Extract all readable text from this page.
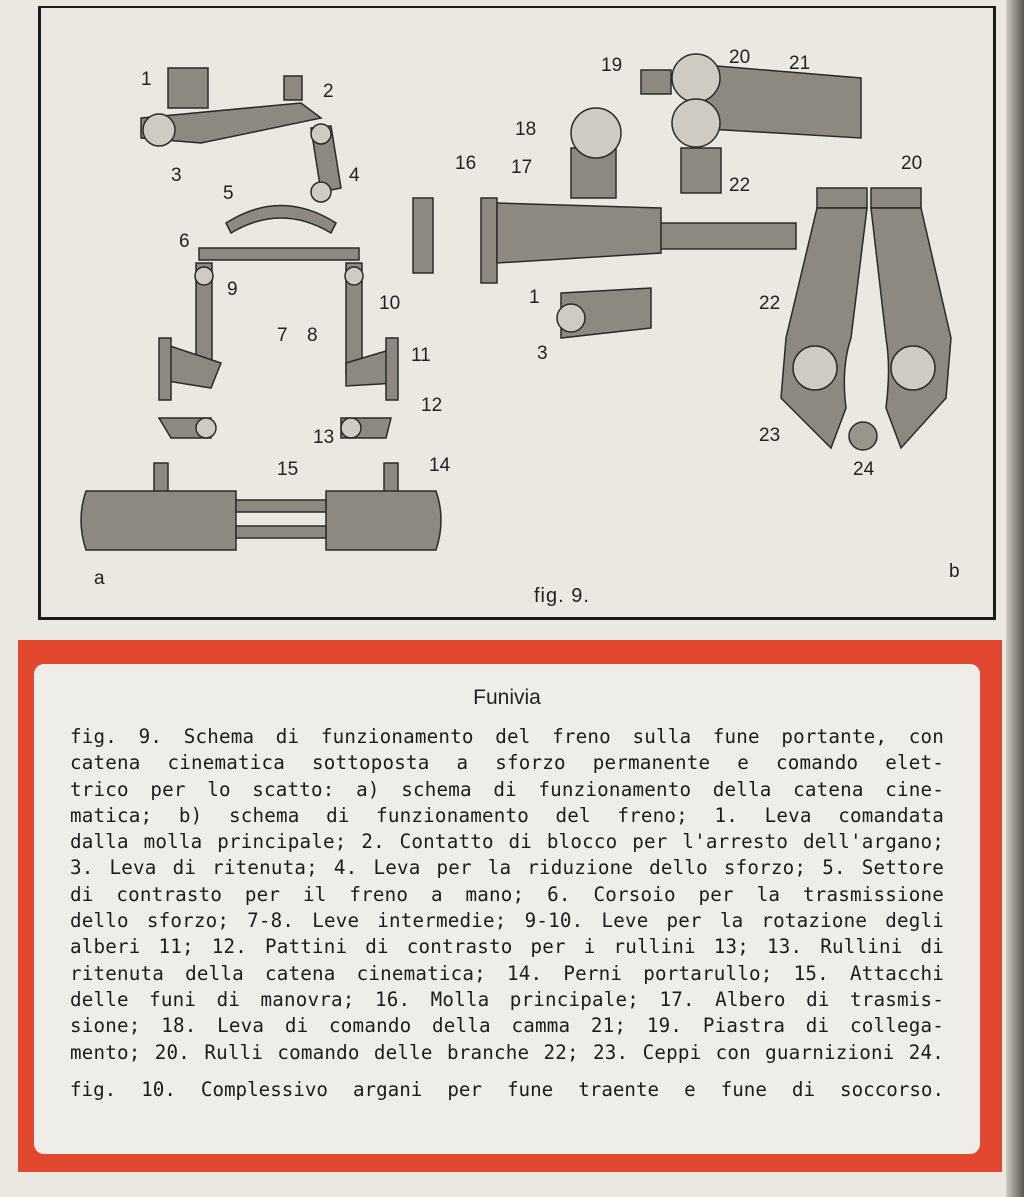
1
2
3	4
5
6
7 8
9
10
11
12
13
14
15
16 17
18
19	20 21
22
1
3
20
22
23
24
a	b
fig. 9.
Funivia
fig. 9. Schema di funzionamento del freno sulla fune portante, con
catena cinematica sottoposta a sforzo permanente e comando elet-
trico per lo scatto: a) schema di funzionamento della catena cine-
matica; b) schema di funzionamento del freno; 1. Leva comandata
dalla molla principale; 2. Contatto di blocco per l'arresto dell'argano;
3. Leva di ritenuta; 4. Leva per la riduzione dello sforzo; 5. Settore
di contrasto per il freno a mano; 6. Corsoio per la trasmissione
dello sforzo; 7-8. Leve intermedie; 9-10. Leve per la rotazione degli
alberi 11; 12. Pattini di contrasto per i rullini 13; 13. Rullini di
ritenuta della catena cinematica; 14. Perni portarullo; 15. Attacchi
delle funi di manovra; 16. Molla principale; 17. Albero di trasmis-
sione; 18. Leva di comando della camma 21; 19. Piastra di collega-
mento; 20. Rulli comando delle branche 22; 23. Ceppi con guarnizioni 24.
fig. 10. Complessivo argani per fune traente e fune di soccorso.
